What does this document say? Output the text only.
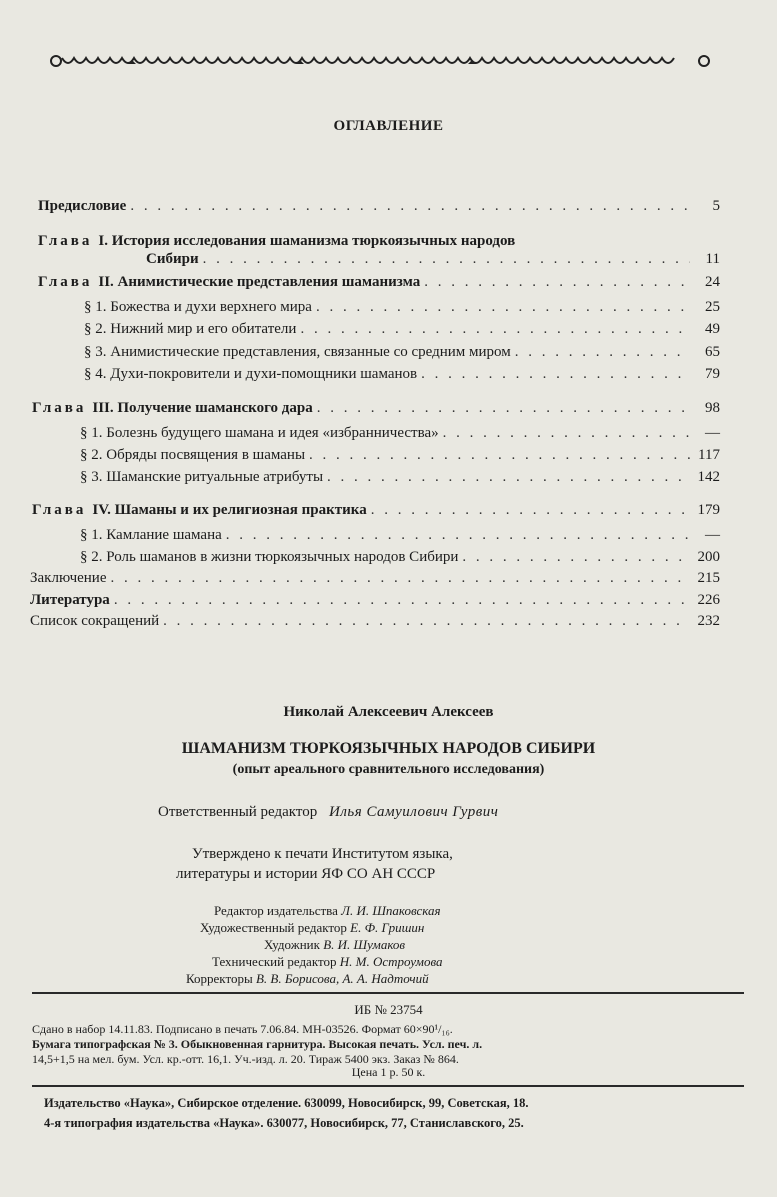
ОГЛАВЛЕНИЕ
Предисловие . . .	5
Глава I. История исследования шаманизма тюркоязычных народов
Сибири . . .	11
Глава II. Анимистические представления шаманизма . . .	24
§ 1. Божества и духи верхнего мира . . .	25
§ 2. Нижний мир и его обитатели . . .	49
§ 3. Анимистические представления, связанные со средним миром . . .	65
§ 4. Духи-покровители и духи-помощники шаманов . . .	79
Глава III. Получение шаманского дара . . .	98
§ 1. Болезнь будущего шамана и идея «избранничества» . . .	—
§ 2. Обряды посвящения в шаманы . . .	117
§ 3. Шаманские ритуальные атрибуты . . .	142
Глава IV. Шаманы и их религиозная практика . . .	179
§ 1. Камлание шамана . . .	—
§ 2. Роль шаманов в жизни тюркоязычных народов Сибири . . .	200
Заключение . . .	215
Литература . . .	226
Список сокращений . . .	232
Николай Алексеевич Алексеев
ШАМАНИЗМ ТЮРКОЯЗЫЧНЫХ НАРОДОВ СИБИРИ
(опыт ареального сравнительного исследования)
Ответственный редактор Илья Самуилович Гурвич
Утверждено к печати Институтом языка,
литературы и истории ЯФ СО АН СССР
Редактор издательства Л. И. Шпаковская
Художественный редактор Е. Ф. Гришин
Художник В. И. Шумаков
Технический редактор Н. М. Остроумова
Корректоры В. В. Борисова, А. А. Надточий
ИБ № 23754
Сдано в набор 14.11.83. Подписано в печать 7.06.84. МН-03526. Формат 60×90¹/₁₆.
Бумага типографская № 3. Обыкновенная гарнитура. Высокая печать. Усл. печ. л.
14,5+1,5 на мел. бум. Усл. кр.-отт. 16,1. Уч.-изд. л. 20. Тираж 5400 экз. Заказ № 864.
Цена 1 р. 50 к.
Издательство «Наука», Сибирское отделение. 630099, Новосибирск, 99, Советская, 18.
4-я типография издательства «Наука». 630077, Новосибирск, 77, Станиславского, 25.
